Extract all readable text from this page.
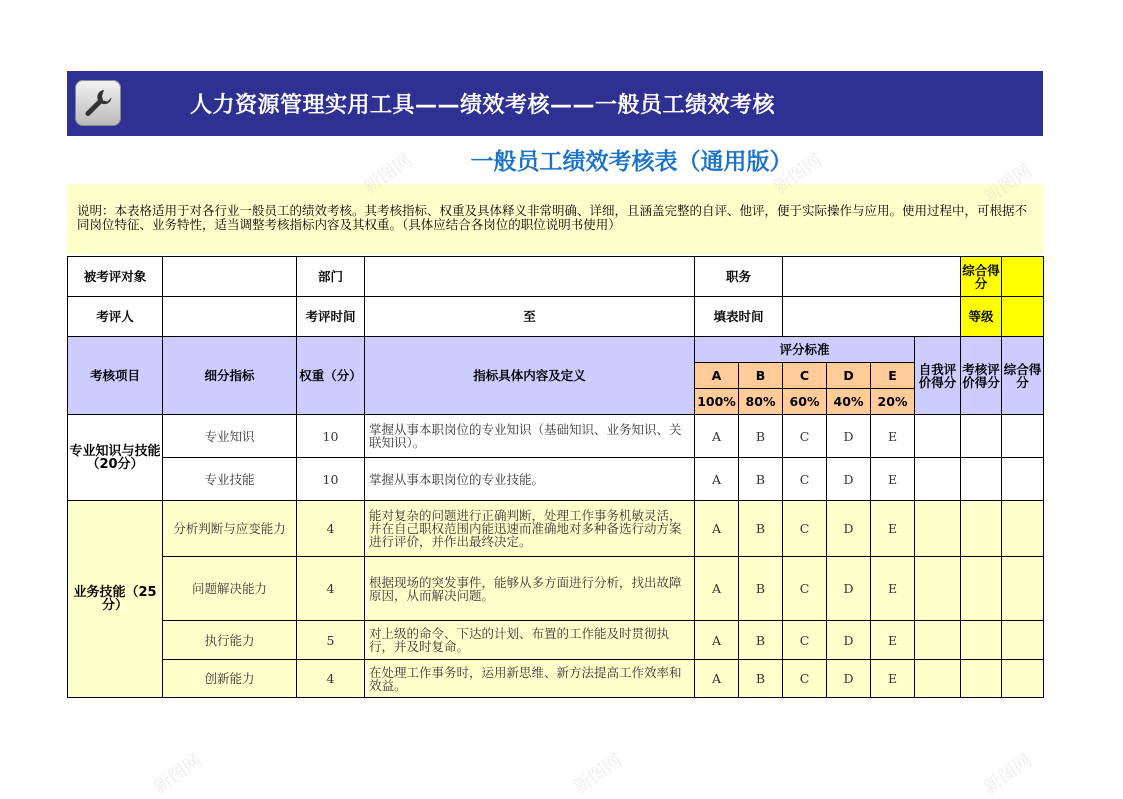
人力资源管理实用工具——绩效考核——一般员工绩效考核
一般员工绩效考核表（通用版）
说明：本表格适用于对各行业一般员工的绩效考核。其考核指标、权重及具体释义非常明确、详细，且涵盖完整的自评、他评，便于实际操作与应用。使用过程中，可根据不同岗位特征、业务特性，适当调整考核指标内容及其权重。（具体应结合各岗位的职位说明书使用）
被考评对象		部门		职务						综合得分	
考评人		考评时间	至	填表时间						等级	
考核项目	细分指标	权重（分）	指标具体内容及定义	评分标准					自我评价得分	考核评价得分	综合得分
				A	B	C	D	E			
				100%	80%	60%	40%	20%			
专业知识与技能（20分）	专业知识	10	掌握从事本职岗位的专业知识（基础知识、业务知识、关联知识）。	A	B	C	D	E			
	专业技能	10	掌握从事本职岗位的专业技能。	A	B	C	D	E			
业务技能（25分）	分析判断与应变能力	4	能对复杂的问题进行正确判断，处理工作事务机敏灵活，并在自己职权范围内能迅速而准确地对多种备选行动方案进行评价，并作出最终决定。	A	B	C	D	E			
	问题解决能力	4	根据现场的突发事件，能够从多方面进行分析，找出故障原因，从而解决问题。	A	B	C	D	E			
	执行能力	5	对上级的命令、下达的计划、布置的工作能及时贯彻执行，并及时复命。	A	B	C	D	E			
	创新能力	4	在处理工作事务时，运用新思维、新方法提高工作效率和效益。	A	B	C	D	E			
新图网	新图网
新图网	新图网	新图网
